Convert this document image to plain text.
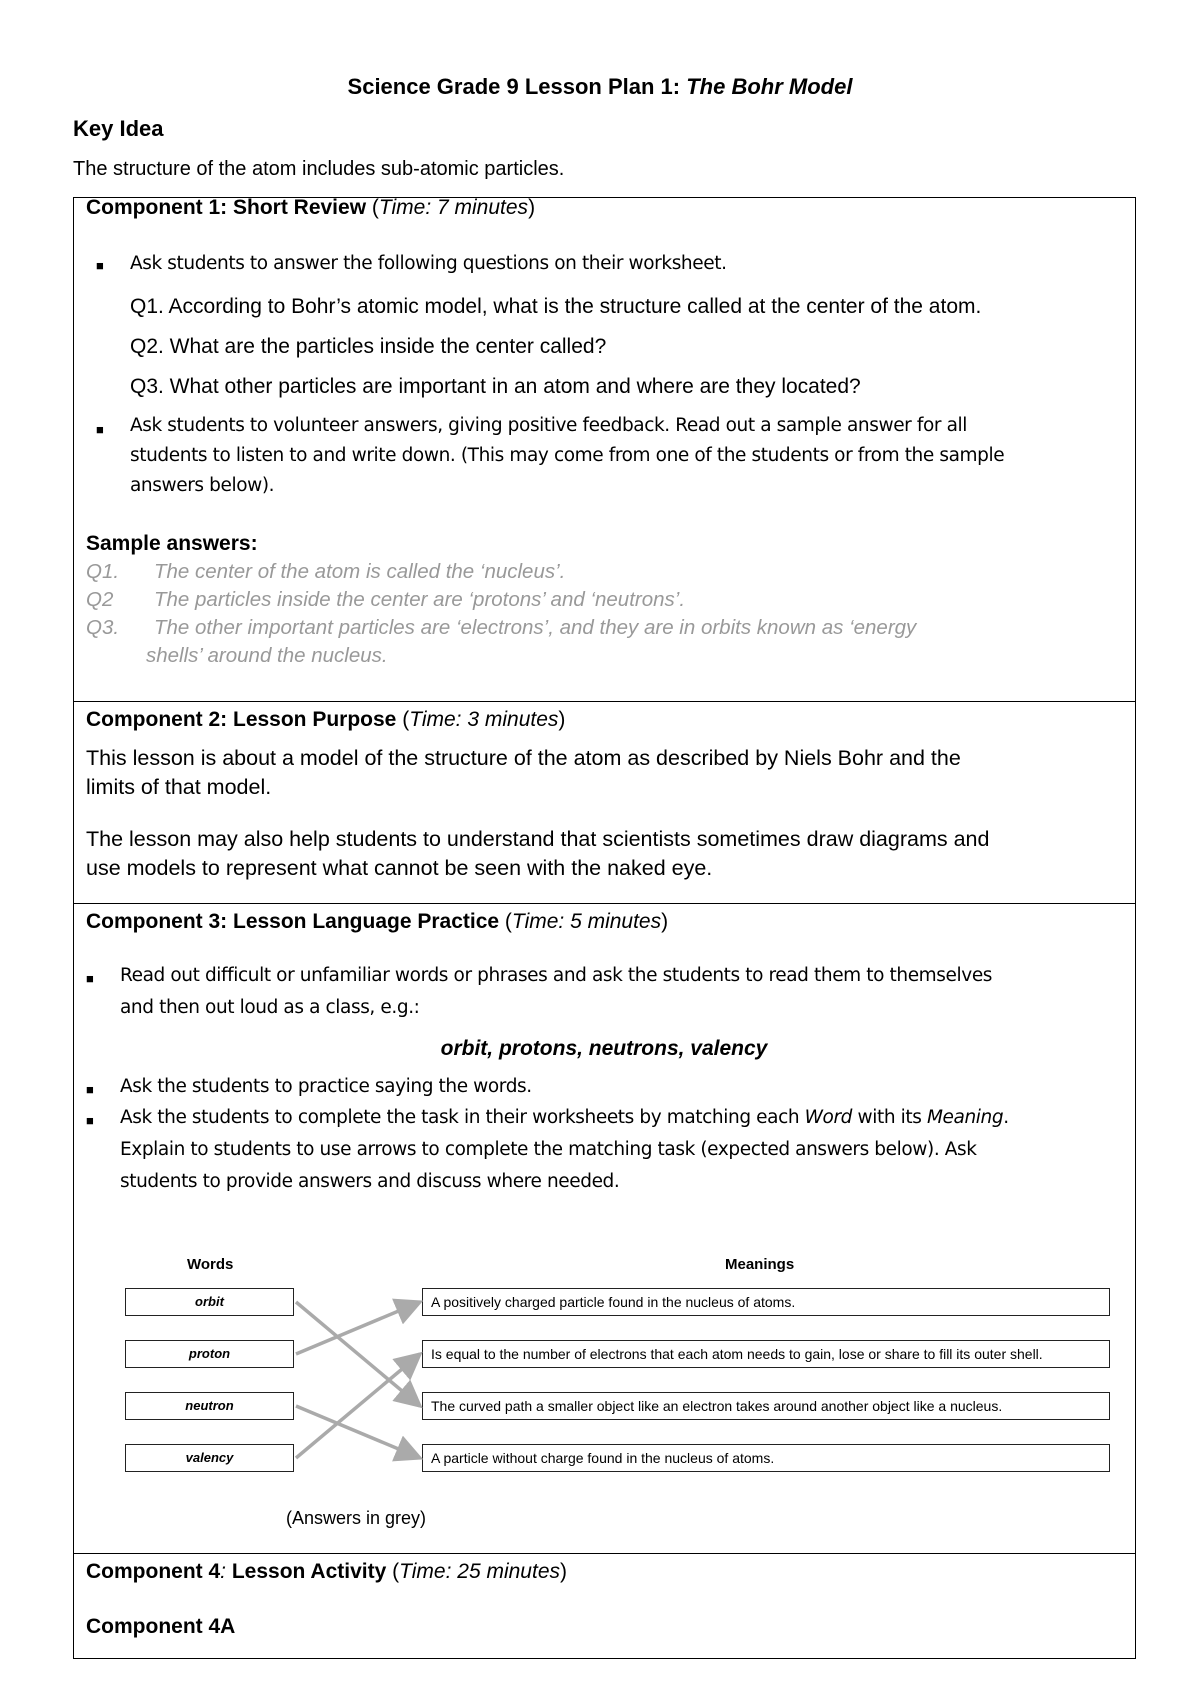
Science Grade 9 Lesson Plan 1: The Bohr Model
Key Idea
The structure of the atom includes sub-atomic particles.
Component 1: Short Review (Time: 7 minutes)
■ Ask students to answer the following questions on their worksheet.
Q1. According to Bohr’s atomic model, what is the structure called at the center of the atom.
Q2. What are the particles inside the center called?
Q3. What other particles are important in an atom and where are they located?
■ Ask students to volunteer answers, giving positive feedback. Read out a sample answer for all
students to listen to and write down. (This may come from one of the students or from the sample
answers below).
Sample answers:
Q1. The center of the atom is called the ‘nucleus’.
Q2 The particles inside the center are ‘protons’ and ‘neutrons’.
Q3. The other important particles are ‘electrons’, and they are in orbits known as ‘energy
shells’ around the nucleus.
Component 2: Lesson Purpose (Time: 3 minutes)
This lesson is about a model of the structure of the atom as described by Niels Bohr and the
limits of that model.
The lesson may also help students to understand that scientists sometimes draw diagrams and
use models to represent what cannot be seen with the naked eye.
Component 3: Lesson Language Practice (Time: 5 minutes)
■ Read out difficult or unfamiliar words or phrases and ask the students to read them to themselves
and then out loud as a class, e.g.:
orbit, protons, neutrons, valency
■ Ask the students to practice saying the words.
■ Ask the students to complete the task in their worksheets by matching each Word with its Meaning.
Explain to students to use arrows to complete the matching task (expected answers below). Ask
students to provide answers and discuss where needed.
Words	Meanings
orbit
proton
neutron
valency
A positively charged particle found in the nucleus of atoms.
Is equal to the number of electrons that each atom needs to gain, lose or share to fill its outer shell.
The curved path a smaller object like an electron takes around another object like a nucleus.
A particle without charge found in the nucleus of atoms.
(Answers in grey)
Component 4: Lesson Activity (Time: 25 minutes)
Component 4A
